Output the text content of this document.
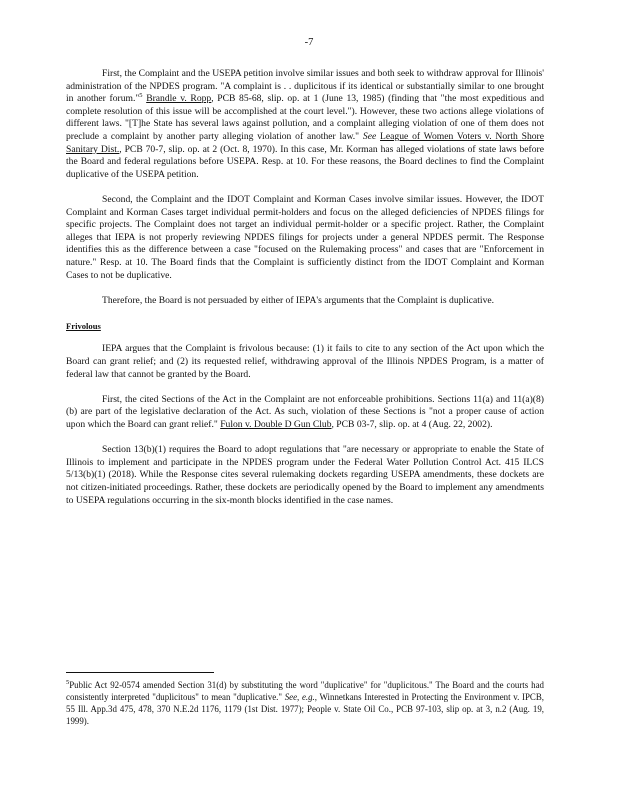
-7

First, the Complaint and the USEPA petition involve similar issues and both seek to withdraw approval for Illinois' administration of the NPDES program. "A complaint is . . duplicitous if its identical or substantially similar to one brought in another forum."$^5$ Brandle v. Ropp, PCB 85-68, slip. op. at 1 (June 13, 1985) (finding that "the most expeditious and complete resolution of this issue will be accomplished at the court level."). However, these two actions allege violations of different laws. "[T]he State has several laws against pollution, and a complaint alleging violation of one of them does not preclude a complaint by another party alleging violation of another law." See League of Women Voters v. North Shore Sanitary Dist., PCB 70-7, slip. op. at 2 (Oct. 8, 1970). In this case, Mr. Korman has alleged violations of state laws before the Board and federal regulations before USEPA. Resp. at 10. For these reasons, the Board declines to find the Complaint duplicative of the USEPA petition.

Second, the Complaint and the IDOT Complaint and Korman Cases involve similar issues. However, the IDOT Complaint and Korman Cases target individual permit-holders and focus on the alleged deficiencies of NPDES filings for specific projects. The Complaint does not target an individual permit-holder or a specific project. Rather, the Complaint alleges that IEPA is not properly reviewing NPDES filings for projects under a general NPDES permit. The Response identifies this as the difference between a case "focused on the Rulemaking process" and cases that are "Enforcement in nature." Resp. at 10. The Board finds that the Complaint is sufficiently distinct from the IDOT Complaint and Korman Cases to not be duplicative.

Therefore, the Board is not persuaded by either of IEPA's arguments that the Complaint is duplicative.

Frivolous

IEPA argues that the Complaint is frivolous because: (1) it fails to cite to any section of the Act upon which the Board can grant relief; and (2) its requested relief, withdrawing approval of the Illinois NPDES Program, is a matter of federal law that cannot be granted by the Board.

First, the cited Sections of the Act in the Complaint are not enforceable prohibitions. Sections 11(a) and 11(a)(8)(b) are part of the legislative declaration of the Act. As such, violation of these Sections is "not a proper cause of action upon which the Board can grant relief." Fulon v. Double D Gun Club, PCB 03-7, slip. op. at 4 (Aug. 22, 2002).

Section 13(b)(1) requires the Board to adopt regulations that "are necessary or appropriate to enable the State of Illinois to implement and participate in the NPDES program under the Federal Water Pollution Control Act. 415 ILCS 5/13(b)(1) (2018). While the Response cites several rulemaking dockets regarding USEPA amendments, these dockets are not citizen-initiated proceedings. Rather, these dockets are periodically opened by the Board to implement any amendments to USEPA regulations occurring in the six-month blocks identified in the case names.

$^5$Public Act 92-0574 amended Section 31(d) by substituting the word "duplicative" for "duplicitous." The Board and the courts had consistently interpreted "duplicitous" to mean "duplicative." See, e.g., Winnetkans Interested in Protecting the Environment v. IPCB, 55 Ill. App.3d 475, 478, 370 N.E.2d 1176, 1179 (1st Dist. 1977); People v. State Oil Co., PCB 97-103, slip op. at 3, n.2 (Aug. 19, 1999).
